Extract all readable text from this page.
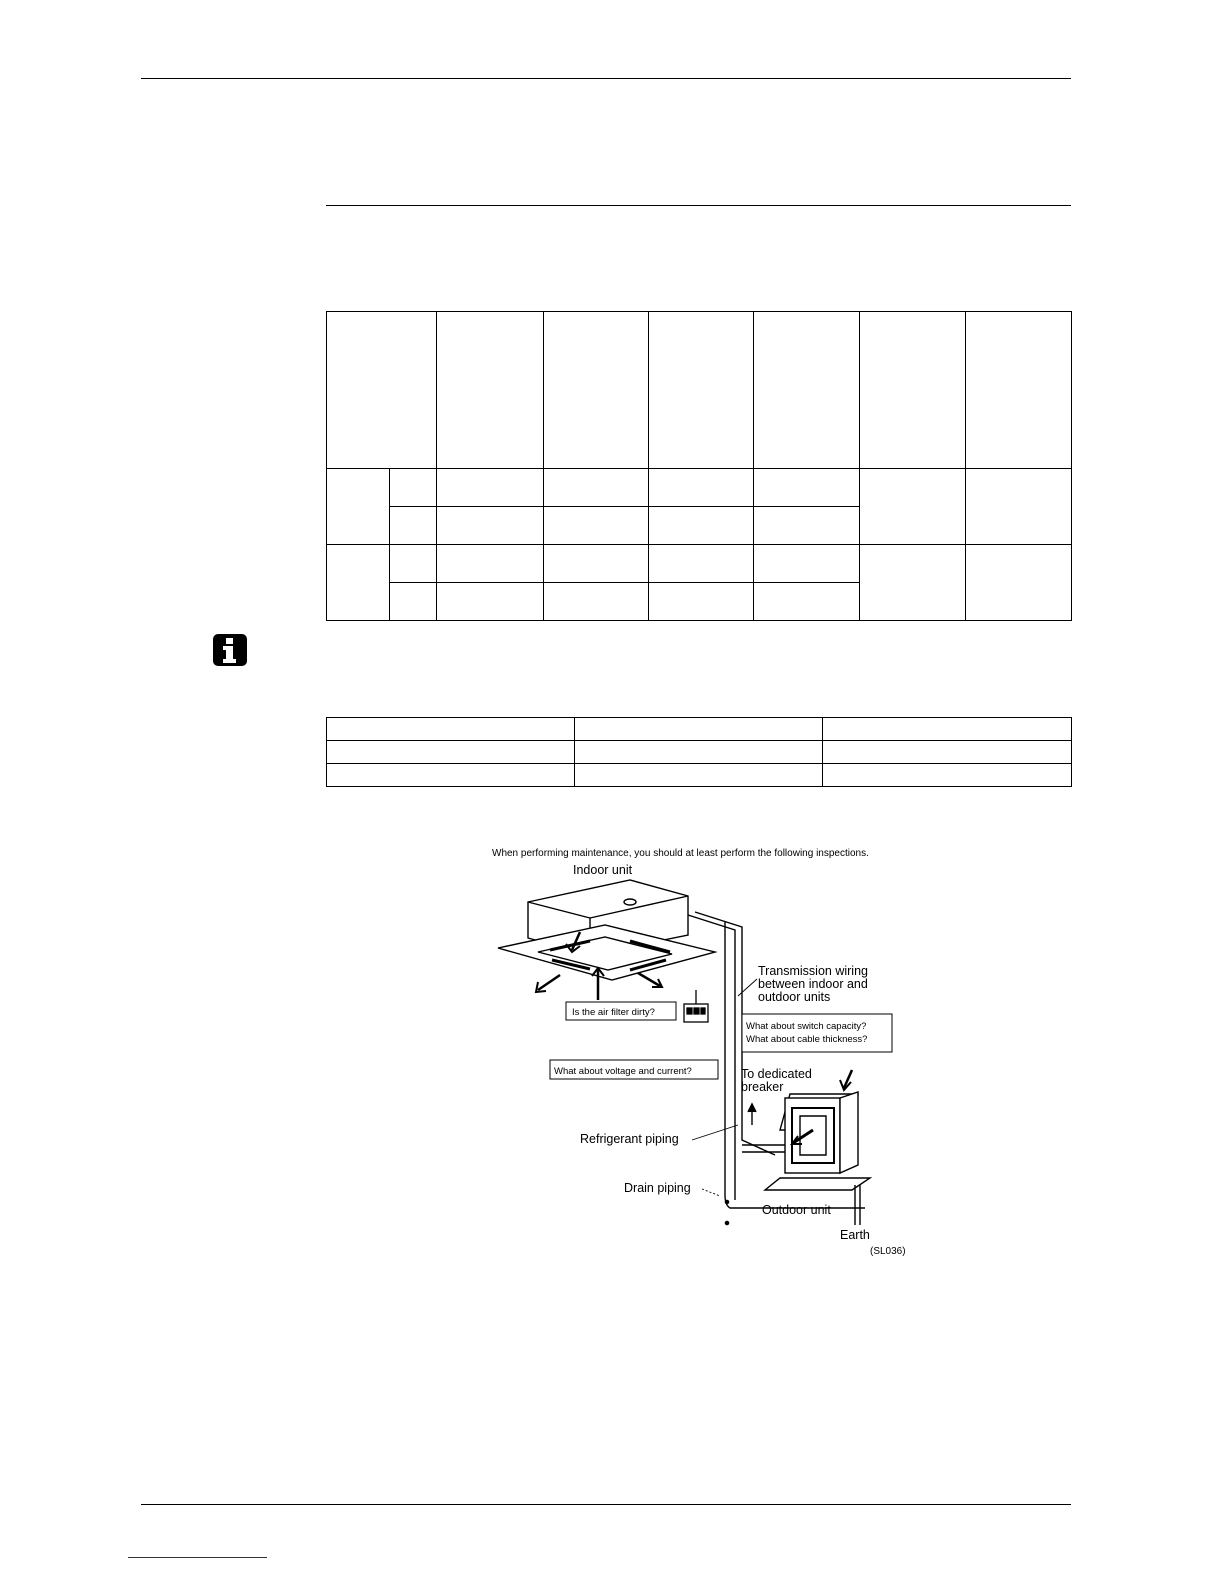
When performing maintenance, you should at least perform the following inspections.
Indoor unit
Is the air filter dirty?
What about switch capacity?
What about cable thickness?
What about voltage and current?
Transmission wiring
between indoor and
outdoor units
To dedicated
breaker
Refrigerant piping
Drain piping
Outdoor unit
Earth
(SL036)
